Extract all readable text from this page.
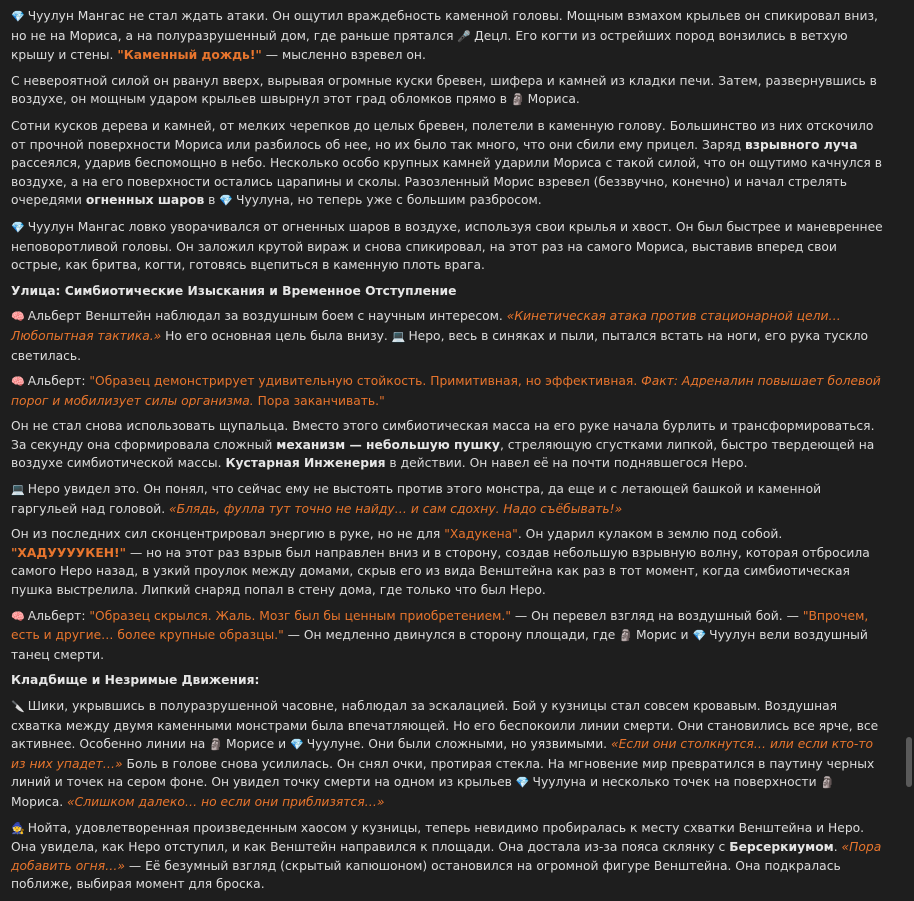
💎 Чуулун Мангас не стал ждать атаки. Он ощутил враждебность каменной головы. Мощным взмахом крыльев он спикировал вниз, но не на Мориса, а на полуразрушенный дом, где раньше прятался 🎤 Децл. Его когти из острейших пород вонзились в ветхую крышу и стены. "Каменный дождь!" — мысленно взревел он.

С невероятной силой он рванул вверх, вырывая огромные куски бревен, шифера и камней из кладки печи. Затем, развернувшись в воздухе, он мощным ударом крыльев швырнул этот град обломков прямо в 🗿 Мориса.

Сотни кусков дерева и камней, от мелких черепков до целых бревен, полетели в каменную голову. Большинство из них отскочило от прочной поверхности Мориса или разбилось об нее, но их было так много, что они сбили ему прицел. Заряд взрывного луча рассеялся, ударив беспомощно в небо. Несколько особо крупных камней ударили Мориса с такой силой, что он ощутимо качнулся в воздухе, а на его поверхности остались царапины и сколы. Разозленный Морис взревел (беззвучно, конечно) и начал стрелять очередями огненных шаров в 💎 Чуулуна, но теперь уже с большим разбросом.

💎 Чуулун Мангас ловко уворачивался от огненных шаров в воздухе, используя свои крылья и хвост. Он был быстрее и маневреннее неповоротливой головы. Он заложил крутой вираж и снова спикировал, на этот раз на самого Мориса, выставив вперед свои острые, как бритва, когти, готовясь вцепиться в каменную плоть врага.

Улица: Симбиотические Изыскания и Временное Отступление

🧠 Альберт Венштейн наблюдал за воздушным боем с научным интересом. «Кинетическая атака против стационарной цели… Любопытная тактика.» Но его основная цель была внизу. 💻 Неро, весь в синяках и пыли, пытался встать на ноги, его рука тускло светилась.

🧠 Альберт: "Образец демонстрирует удивительную стойкость. Примитивная, но эффективная. Факт: Адреналин повышает болевой порог и мобилизует силы организма. Пора заканчивать."

Он не стал снова использовать щупальца. Вместо этого симбиотическая масса на его руке начала бурлить и трансформироваться. За секунду она сформировала сложный механизм — небольшую пушку, стреляющую сгустками липкой, быстро твердеющей на воздухе симбиотической массы. Кустарная Инженерия в действии. Он навел её на почти поднявшегося Неро.

💻 Неро увидел это. Он понял, что сейчас ему не выстоять против этого монстра, да еще и с летающей башкой и каменной гаргульей над головой. «Блядь, фулла тут точно не найду… и сам сдохну. Надо съёбывать!»

Он из последних сил сконцентрировал энергию в руке, но не для "Хадукена". Он ударил кулаком в землю под собой. "ХАДУУУУКЕН!" — но на этот раз взрыв был направлен вниз и в сторону, создав небольшую взрывную волну, которая отбросила самого Неро назад, в узкий проулок между домами, скрыв его из вида Венштейна как раз в тот момент, когда симбиотическая пушка выстрелила. Липкий снаряд попал в стену дома, где только что был Неро.

🧠 Альберт: "Образец скрылся. Жаль. Мозг был бы ценным приобретением." — Он перевел взгляд на воздушный бой. — "Впрочем, есть и другие… более крупные образцы." — Он медленно двинулся в сторону площади, где 🗿 Морис и 💎 Чуулун вели воздушный танец смерти.

Кладбище и Незримые Движения:

🔪 Шики, укрывшись в полуразрушенной часовне, наблюдал за эскалацией. Бой у кузницы стал совсем кровавым. Воздушная схватка между двумя каменными монстрами была впечатляющей. Но его беспокоили линии смерти. Они становились все ярче, все активнее. Особенно линии на 🗿 Морисе и 💎 Чуулуне. Они были сложными, но уязвимыми. «Если они столкнутся… или если кто-то из них упадет…» Боль в голове снова усилилась. Он снял очки, протирая стекла. На мгновение мир превратился в паутину черных линий и точек на сером фоне. Он увидел точку смерти на одном из крыльев 💎 Чуулуна и несколько точек на поверхности 🗿Мориса. «Слишком далеко… но если они приблизятся…»

🧙 Нойта, удовлетворенная произведенным хаосом у кузницы, теперь невидимо пробиралась к месту схватки Венштейна и Неро. Она увидела, как Неро отступил, и как Венштейн направился к площади. Она достала из-за пояса склянку с Берсеркиумом. «Пора добавить огня…» — Её безумный взгляд (скрытый капюшоном) остановился на огромной фигуре Венштейна. Она подкралась поближе, выбирая момент для броска.
